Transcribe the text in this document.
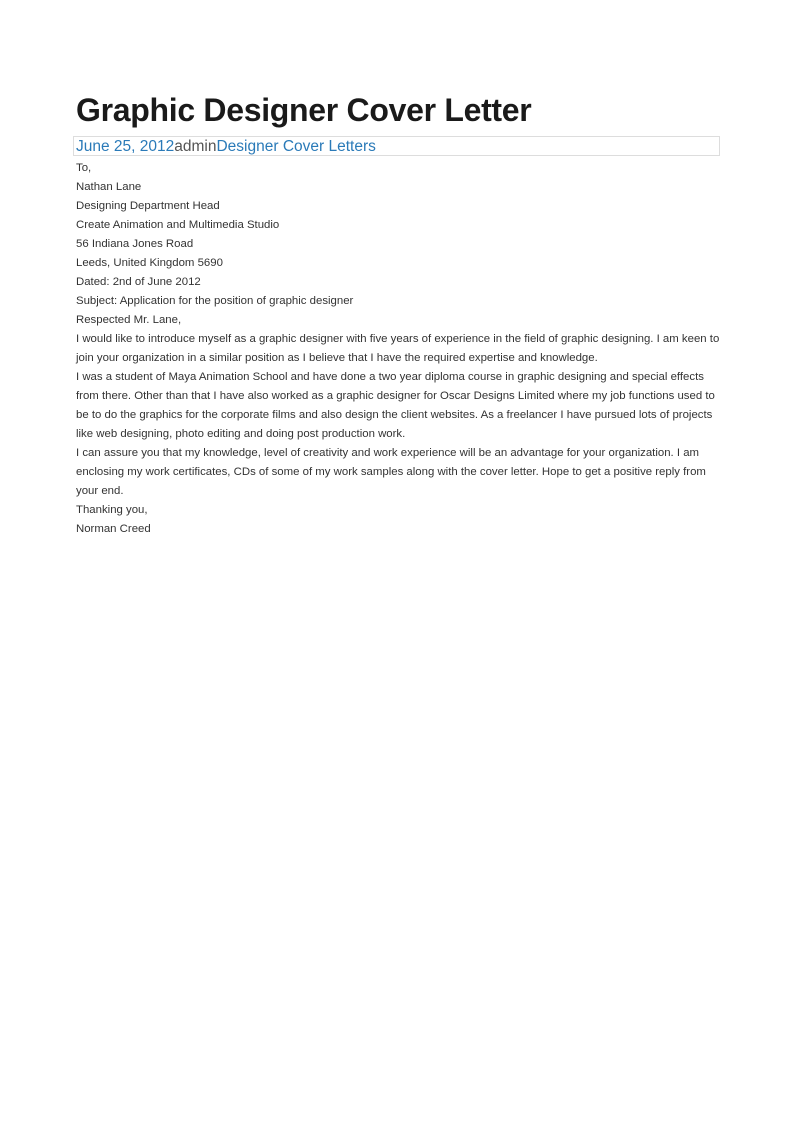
Graphic Designer Cover Letter
June 25, 2012adminDesigner Cover Letters

To,

Nathan Lane

Designing Department Head

Create Animation and Multimedia Studio

56 Indiana Jones Road

Leeds, United Kingdom 5690

Dated: 2nd of June 2012

Subject: Application for the position of graphic designer

Respected Mr. Lane,

I would like to introduce myself as a graphic designer with five years of experience in the field of graphic designing. I am keen to join your organization in a similar position as I believe that I have the required expertise and knowledge.

I was a student of Maya Animation School and have done a two year diploma course in graphic designing and special effects from there. Other than that I have also worked as a graphic designer for Oscar Designs Limited where my job functions used to be to do the graphics for the corporate films and also design the client websites. As a freelancer I have pursued lots of projects like web designing, photo editing and doing post production work.

I can assure you that my knowledge, level of creativity and work experience will be an advantage for your organization. I am enclosing my work certificates, CDs of some of my work samples along with the cover letter. Hope to get a positive reply from your end.

Thanking you,

Norman Creed
